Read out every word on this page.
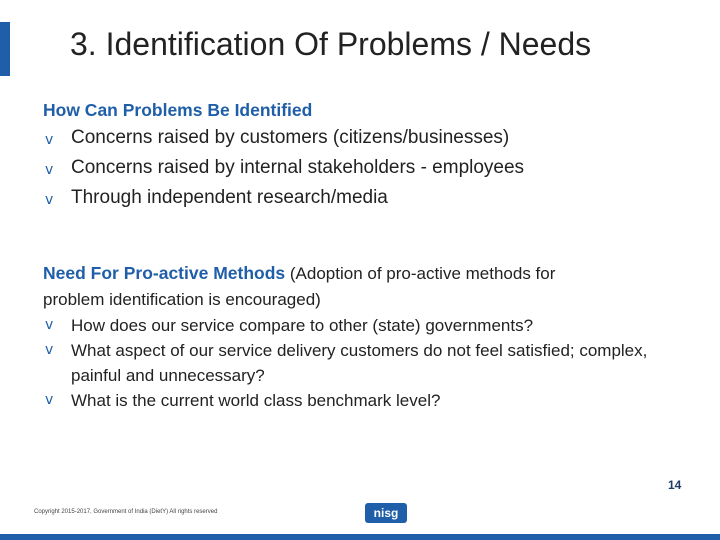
3. Identification Of Problems / Needs
How Can Problems Be Identified
v Concerns raised by customers (citizens/businesses)
v Concerns raised by internal stakeholders - employees
v Through independent research/media
Need For Pro-active Methods (Adoption of pro-active methods for
problem identification is encouraged)
v How does our service compare to other (state) governments?
v What aspect of our service delivery customers do not feel satisfied; complex, painful and unnecessary?
v What is the current world class benchmark level?
Copyright 2015-2017, Government of India (DietY) All rights reserved	nisg
14
